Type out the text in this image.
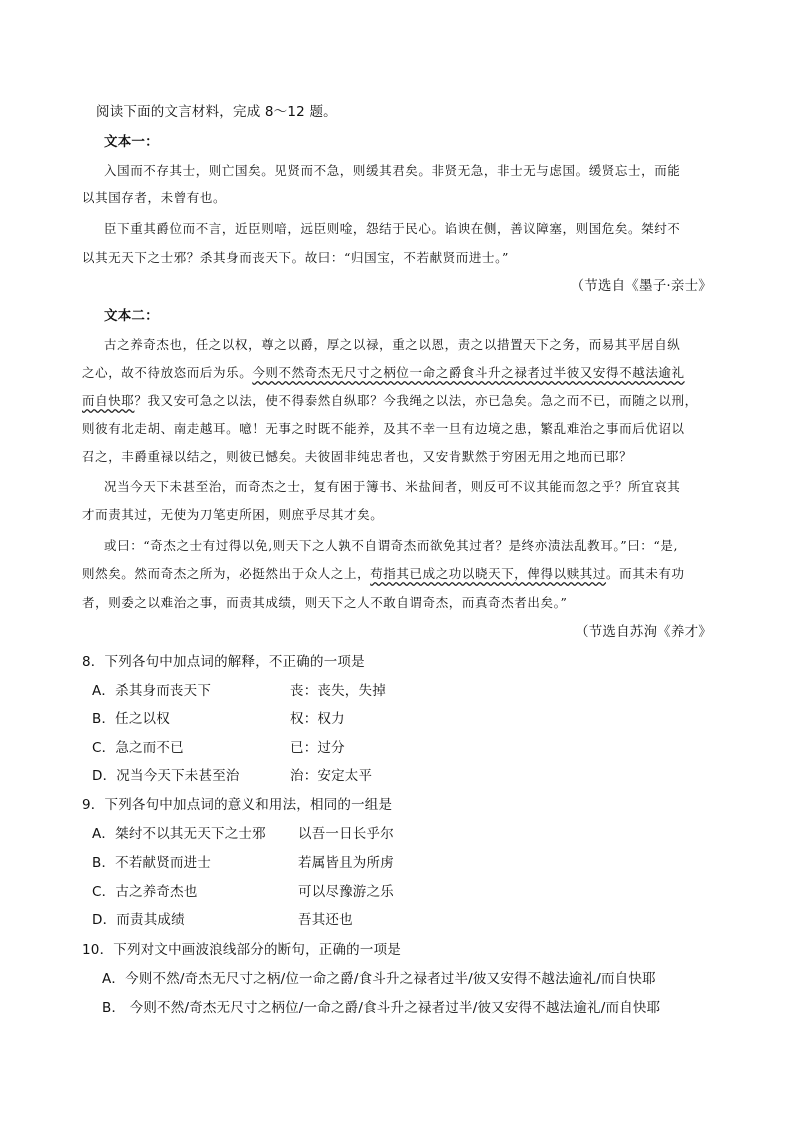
阅读下面的文言材料，完成 8～12 题。
文本一：
入国而不存其士，则亡国矣。见贤而不急，则缓其君矣。非贤无急，非士无与虑国。缓贤忘士，而能
以其国存者，未曾有也。
臣下重其爵位而不言，近臣则喑，远臣则唫，怨结于民心。谄谀在侧，善议障塞，则国危矣。桀纣不
以其无天下之士邪？杀其身而丧天下。故曰：“归国宝，不若献贤而进士。”
（节选自《墨子·亲士》
文本二：
古之养奇杰也，任之以权，尊之以爵，厚之以禄，重之以恩，责之以措置天下之务，而易其平居自纵
之心，故不待放恣而后为乐。今则不然奇杰无尺寸之柄位一命之爵食斗升之禄者过半彼又安得不越法逾礼
而自快耶？我又安可急之以法，使不得泰然自纵耶？今我绳之以法，亦已急矣。急之而不已，而随之以刑，
则彼有北走胡、南走越耳。噫！无事之时既不能养，及其不幸一旦有边境之患，繁乱难治之事而后优诏以
召之，丰爵重禄以结之，则彼已憾矣。夫彼固非纯忠者也，又安肯默然于穷困无用之地而已耶？
况当今天下未甚至治，而奇杰之士，复有困于簿书、米盐间者，则反可不议其能而忽之乎？所宜哀其
才而责其过，无使为刀笔吏所困，则庶乎尽其才矣。
或曰：“奇杰之士有过得以免,则天下之人孰不自谓奇杰而欲免其过者？是终亦渍法乱教耳。”曰：“是,
则然矣。然而奇杰之所为，必挺然出于众人之上，苟指其已成之功以晓天下，俾得以赎其过。而其未有功
者，则委之以难治之事，而责其成绩，则天下之人不敢自谓奇杰，而真奇杰者出矣。”
（节选自苏洵《养才》
8．下列各句中加点词的解释，不正确的一项是
A．杀其身而丧天下	丧：丧失，失掉
B．任之以权	权：权力
C．急之而不已	已：过分
D．况当今天下未甚至治	治：安定太平
9．下列各句中加点词的意义和用法，相同的一组是
A．桀纣不以其无天下之士邪 以吾一日长乎尔
B．不若献贤而进士	若属皆且为所虏
C．古之养奇杰也	可以尽豫游之乐
D．而责其成绩	吾其还也
10．下列对文中画波浪线部分的断句，正确的一项是
A．今则不然/奇杰无尺寸之柄/位一命之爵/食斗升之禄者过半/彼又安得不越法逾礼/而自快耶
B． 今则不然/奇杰无尺寸之柄位/一命之爵/食斗升之禄者过半/彼又安得不越法逾礼/而自快耶
